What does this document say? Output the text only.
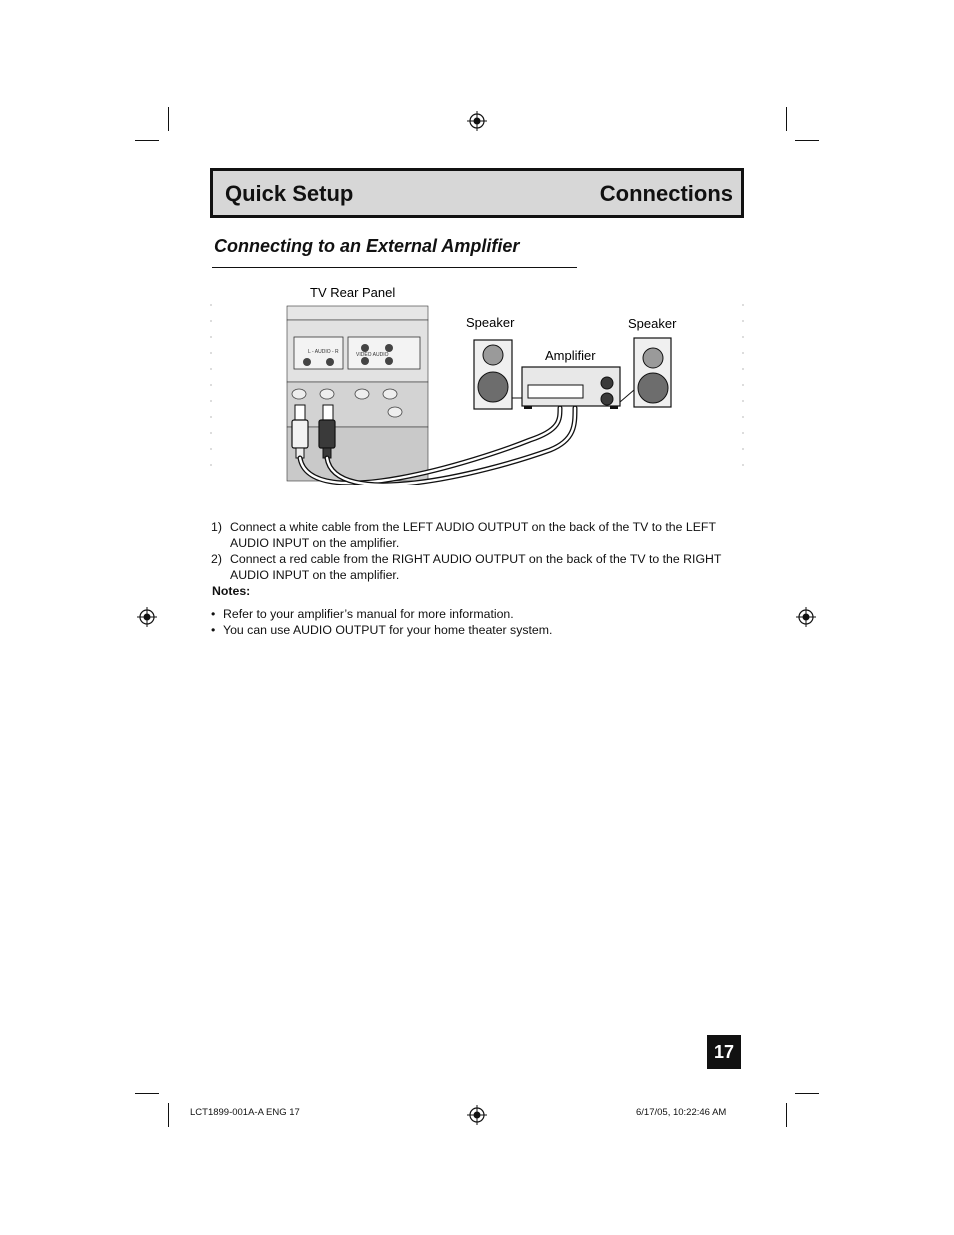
Quick Setup	Connections
Connecting to an External Amplifier
L - AUDIO - R	VIDEO AUDIO
TV Rear Panel
Speaker	Speaker
Amplifier
1) Connect a white cable from the LEFT AUDIO OUTPUT on the back of the TV to the LEFT AUDIO INPUT on the amplifier.
2) Connect a red cable from the RIGHT AUDIO OUTPUT on the back of the TV to the RIGHT AUDIO INPUT on the amplifier.
Notes:
• Refer to your amplifier’s manual for more information.
• You can use AUDIO OUTPUT for your home theater system.
17
LCT1899-001A-A ENG 17	6/17/05, 10:22:46 AM
